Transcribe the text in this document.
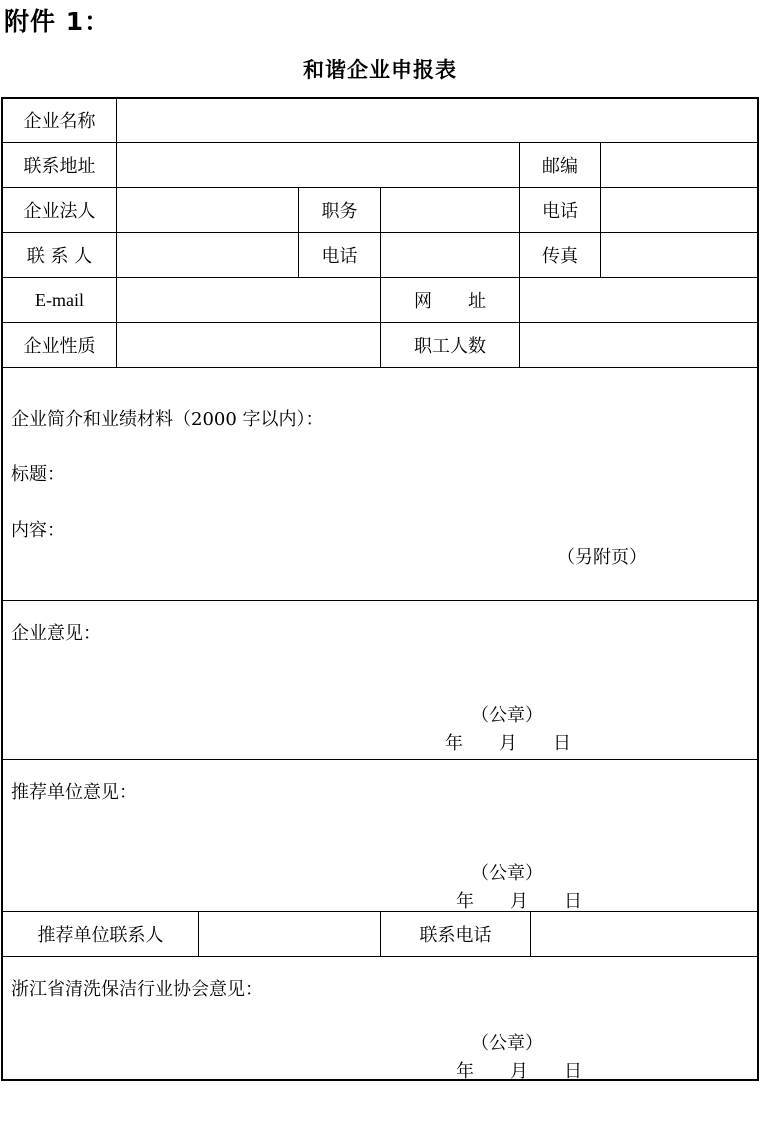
附件 1：
和谐企业申报表
企业名称
联系地址	邮编
企业法人	职务	电话
联 系 人	电话	传真
E-mail	网　　址
企业性质	职工人数
企业简介和业绩材料（2000 字以内）：
标题：
内容：
（另附页）
企业意见：
（公章）
年　　月　　日
推荐单位意见：
（公章）
年　　月　　日
推荐单位联系人	联系电话
浙江省清洗保洁行业协会意见：
（公章）
年　　月　　日
